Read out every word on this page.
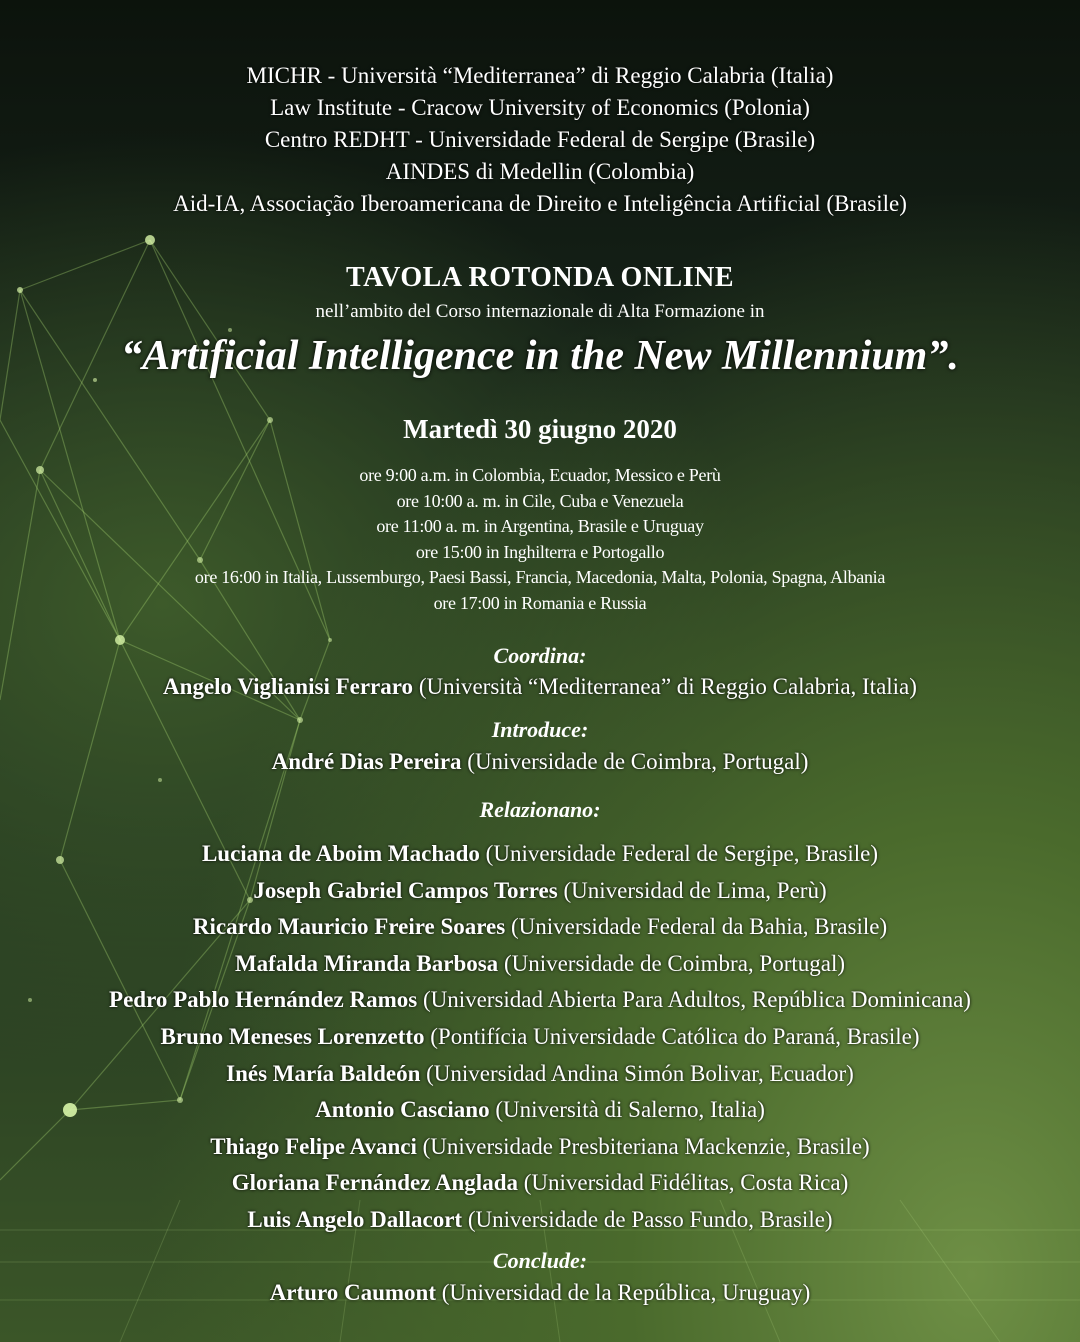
MICHR - Università “Mediterranea” di Reggio Calabria (Italia)
Law Institute - Cracow University of Economics (Polonia)
Centro REDHT - Universidade Federal de Sergipe (Brasile)
AINDES di Medellin (Colombia)
Aid-IA, Associação Iberoamericana de Direito e Inteligência Artificial (Brasile)
TAVOLA ROTONDA ONLINE
nell’ambito del Corso internazionale di Alta Formazione in
“Artificial Intelligence in the New Millennium”.
Martedì 30 giugno 2020
ore 9:00 a.m. in Colombia, Ecuador, Messico e Perù
ore 10:00 a. m. in Cile, Cuba e Venezuela
ore 11:00 a. m. in Argentina, Brasile e Uruguay
ore 15:00 in Inghilterra e Portogallo
ore 16:00 in Italia, Lussemburgo, Paesi Bassi, Francia, Macedonia, Malta, Polonia, Spagna, Albania
ore 17:00 in Romania e Russia
Coordina:
Angelo Viglianisi Ferraro (Università “Mediterranea” di Reggio Calabria, Italia)
Introduce:
André Dias Pereira (Universidade de Coimbra, Portugal)
Relazionano:
Luciana de Aboim Machado (Universidade Federal de Sergipe, Brasile)
Joseph Gabriel Campos Torres (Universidad de Lima, Perù)
Ricardo Mauricio Freire Soares (Universidade Federal da Bahia, Brasile)
Mafalda Miranda Barbosa (Universidade de Coimbra, Portugal)
Pedro Pablo Hernández Ramos (Universidad Abierta Para Adultos, República Dominicana)
Bruno Meneses Lorenzetto (Pontifícia Universidade Católica do Paraná, Brasile)
Inés María Baldeón (Universidad Andina Simón Bolivar, Ecuador)
Antonio Casciano (Università di Salerno, Italia)
Thiago Felipe Avanci (Universidade Presbiteriana Mackenzie, Brasile)
Gloriana Fernández Anglada (Universidad Fidélitas, Costa Rica)
Luis Angelo Dallacort (Universidade de Passo Fundo, Brasile)
Conclude:
Arturo Caumont (Universidad de la República, Uruguay)
